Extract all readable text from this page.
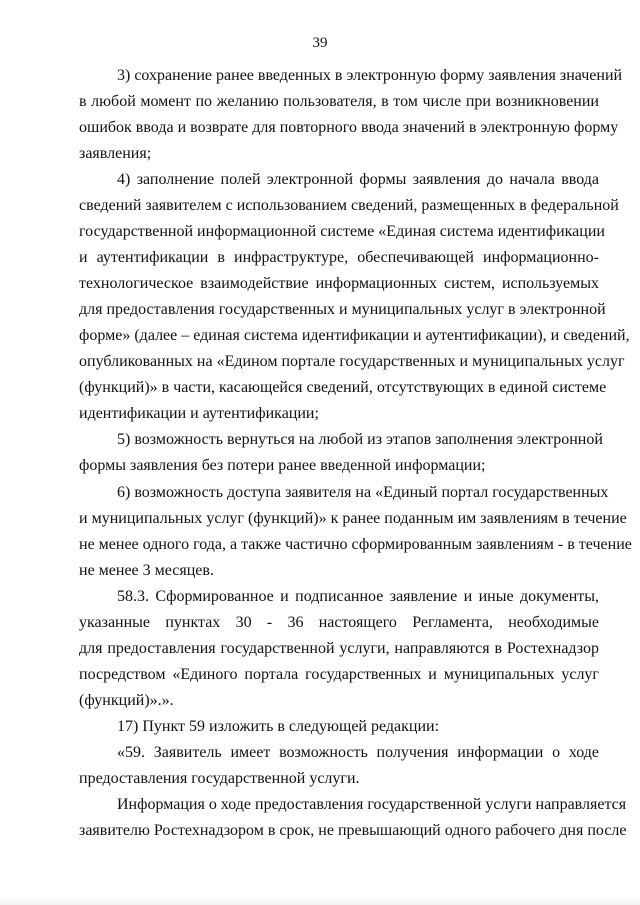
39
3) сохранение ранее введенных в электронную форму заявления значений
в любой момент по желанию пользователя, в том числе при возникновении
ошибок ввода и возврате для повторного ввода значений в электронную форму
заявления;
4) заполнение полей электронной формы заявления до начала ввода
сведений заявителем с использованием сведений, размещенных в федеральной
государственной информационной системе «Единая система идентификации
и аутентификации в инфраструктуре, обеспечивающей информационно-
технологическое взаимодействие информационных систем, используемых
для предоставления государственных и муниципальных услуг в электронной
форме» (далее – единая система идентификации и аутентификации), и сведений,
опубликованных на «Едином портале государственных и муниципальных услуг
(функций)» в части, касающейся сведений, отсутствующих в единой системе
идентификации и аутентификации;
5) возможность вернуться на любой из этапов заполнения электронной
формы заявления без потери ранее введенной информации;
6) возможность доступа заявителя на «Единый портал государственных
и муниципальных услуг (функций)» к ранее поданным им заявлениям в течение
не менее одного года, а также частично сформированным заявлениям - в течение
не менее 3 месяцев.
58.3. Сформированное и подписанное заявление и иные документы,
указанные пунктах 30 - 36 настоящего Регламента, необходимые
для предоставления государственной услуги, направляются в Ростехнадзор
посредством «Единого портала государственных и муниципальных услуг
(функций)».».
17) Пункт 59 изложить в следующей редакции:
«59. Заявитель имеет возможность получения информации о ходе
предоставления государственной услуги.
Информация о ходе предоставления государственной услуги направляется
заявителю Ростехнадзором в срок, не превышающий одного рабочего дня после
